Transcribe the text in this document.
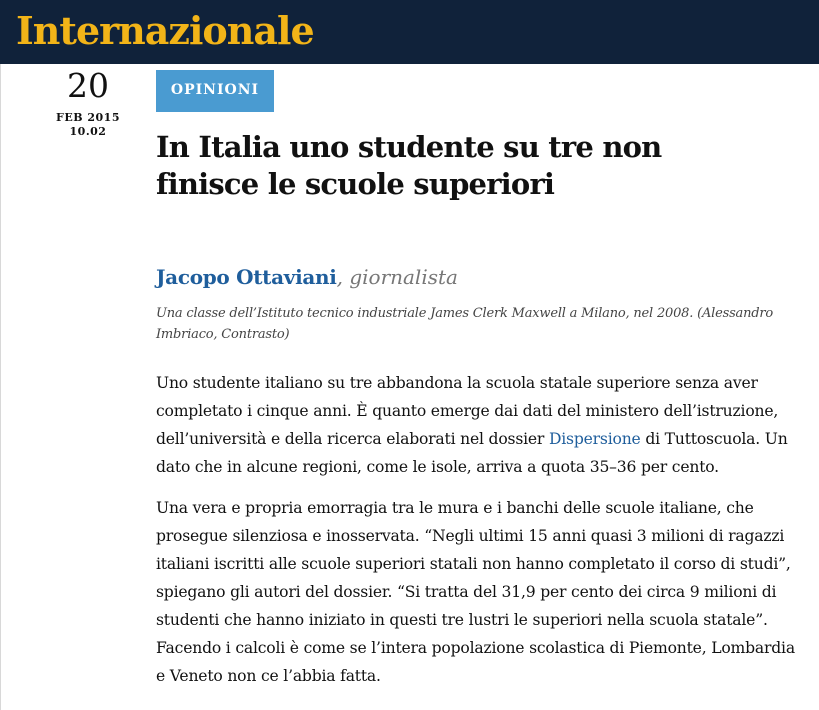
Internazionale
20
FEB 2015
10.02
OPINIONI
In Italia uno studente su tre non finisce le scuole superiori
Jacopo Ottaviani, giornalista

Una classe dell’Istituto tecnico industriale James Clerk Maxwell a Milano, nel 2008. (Alessandro Imbriaco, Contrasto)

Uno studente italiano su tre abbandona la scuola statale superiore senza aver completato i cinque anni. È quanto emerge dai dati del ministero dell’istruzione, dell’università e della ricerca elaborati nel dossier Dispersione di Tuttoscuola. Un dato che in alcune regioni, come le isole, arriva a quota 35–36 per cento.

Una vera e propria emorragia tra le mura e i banchi delle scuole italiane, che prosegue silenziosa e inosservata. “Negli ultimi 15 anni quasi 3 milioni di ragazzi italiani iscritti alle scuole superiori statali non hanno completato il corso di studi”, spiegano gli autori del dossier. “Si tratta del 31,9 per cento dei circa 9 milioni di studenti che hanno iniziato in questi tre lustri le superiori nella scuola statale”. Facendo i calcoli è come se l’intera popolazione scolastica di Piemonte, Lombardia e Veneto non ce l’abbia fatta.
